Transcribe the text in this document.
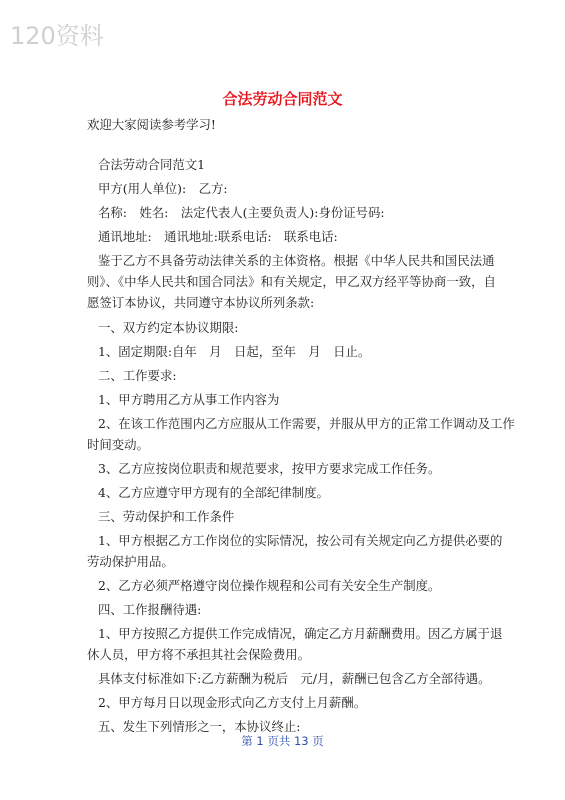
120资料
合法劳动合同范文
欢迎大家阅读参考学习!
合法劳动合同范文1
甲方(用人单位):　乙方:
名称:　姓名:　法定代表人(主要负责人):身份证号码:
通讯地址:　通讯地址:联系电话:　联系电话:
鉴于乙方不具备劳动法律关系的主体资格。根据《中华人民共和国民法通
则》、《中华人民共和国合同法》和有关规定，甲乙双方经平等协商一致，自
愿签订本协议，共同遵守本协议所列条款:
一、双方约定本协议期限:
1、固定期限:自年　月　日起，至年　月　日止。
二、工作要求:
1、甲方聘用乙方从事工作内容为
2、在该工作范围内乙方应服从工作需要，并服从甲方的正常工作调动及工作
时间变动。
3、乙方应按岗位职责和规范要求，按甲方要求完成工作任务。
4、乙方应遵守甲方现有的全部纪律制度。
三、劳动保护和工作条件
1、甲方根据乙方工作岗位的实际情况，按公司有关规定向乙方提供必要的
劳动保护用品。
2、乙方必须严格遵守岗位操作规程和公司有关安全生产制度。
四、工作报酬待遇:
1、甲方按照乙方提供工作完成情况，确定乙方月薪酬费用。因乙方属于退
休人员，甲方将不承担其社会保险费用。
具体支付标准如下:乙方薪酬为税后　元/月，薪酬已包含乙方全部待遇。
2、甲方每月日以现金形式向乙方支付上月薪酬。
五、发生下列情形之一，本协议终止:
第 1 页共 13 页
